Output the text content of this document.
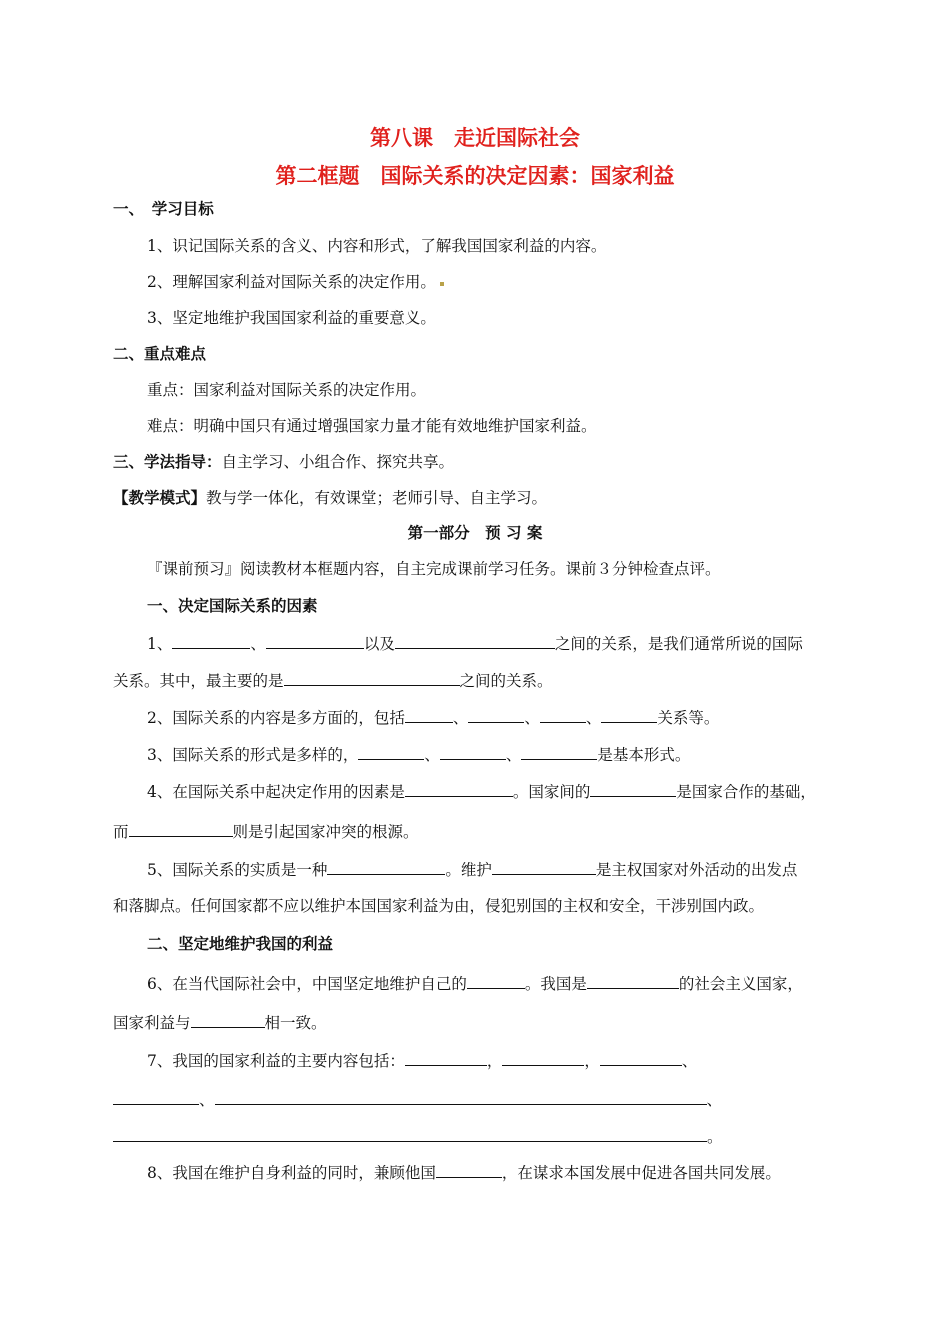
第八课　走近国际社会
第二框题　国际关系的决定因素：国家利益
一、　学习目标
1、识记国际关系的含义、内容和形式，了解我国国家利益的内容。
2、理解国家利益对国际关系的决定作用。
3、坚定地维护我国国家利益的重要意义。
二、重点难点
重点：国家利益对国际关系的决定作用。
难点：明确中国只有通过增强国家力量才能有效地维护国家利益。
三、学法指导：自主学习、小组合作、探究共享。
【教学模式】教与学一体化，有效课堂；老师引导、自主学习。
第一部分　预 习 案
『课前预习』阅读教材本框题内容，自主完成课前学习任务。课前３分钟检查点评。
一、决定国际关系的因素
1、	、	以及	之间的关系，是我们通常所说的国际
关系。其中，最主要的是	之间的关系。
2、国际关系的内容是多方面的，包括	、	、	、	关系等。
3、国际关系的形式是多样的，	、	、	是基本形式。
4、在国际关系中起决定作用的因素是	。国家间的	是国家合作的基础，
而	则是引起国家冲突的根源。
5、国际关系的实质是一种	。维护	是主权国家对外活动的出发点
和落脚点。任何国家都不应以维护本国国家利益为由，侵犯别国的主权和安全，干涉别国内政。
二、坚定地维护我国的利益
6、在当代国际社会中，中国坚定地维护自己的	。我国是	的社会主义国家，
国家利益与	相一致。
7、我国的国家利益的主要内容包括：	，	，	、
、	、
。
8、我国在维护自身利益的同时，兼顾他国	，在谋求本国发展中促进各国共同发展。
